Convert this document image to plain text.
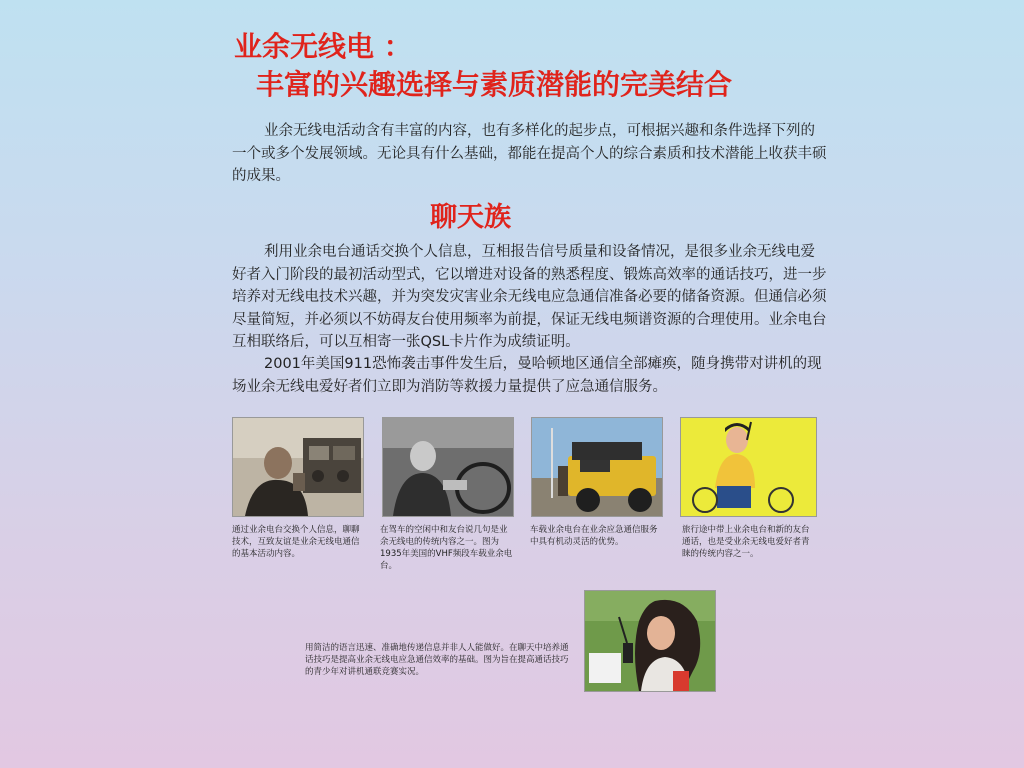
业余无线电 ：
丰富的兴趣选择与素质潜能的完美结合
业余无线电活动含有丰富的内容，也有多样化的起步点，可根据兴趣和条件选择下列的一个或多个发展领域。无论具有什么基础，都能在提高个人的综合素质和技术潜能上收获丰硕的成果。
聊天族
利用业余电台通话交换个人信息，互相报告信号质量和设备情况，是很多业余无线电爱好者入门阶段的最初活动型式，它以增进对设备的熟悉程度、锻炼高效率的通话技巧，进一步培养对无线电技术兴趣，并为突发灾害业余无线电应急通信准备必要的储备资源。但通信必须尽量简短，并必须以不妨碍友台使用频率为前提，保证无线电频谱资源的合理使用。业余电台互相联络后，可以互相寄一张QSL卡片作为成绩证明。
2001年美国911恐怖袭击事件发生后，曼哈顿地区通信全部瘫痪，随身携带对讲机的现场业余无线电爱好者们立即为消防等救援力量提供了应急通信服务。
通过业余电台交换个人信息，聊聊技术，互致友谊是业余无线电通信的基本活动内容。
在驾车的空闲中和友台说几句是业余无线电的传统内容之一。图为1935年美国的VHF频段车载业余电台。
车载业余电台在业余应急通信服务中具有机动灵活的优势。
旅行途中带上业余电台和新的友台通话，也是受业余无线电爱好者青睐的传统内容之一。
用简洁的语言迅速、准确地传递信息并非人人能做好。在聊天中培养通话技巧是提高业余无线电应急通信效率的基础。图为旨在提高通话技巧的青少年对讲机通联竞赛实况。
